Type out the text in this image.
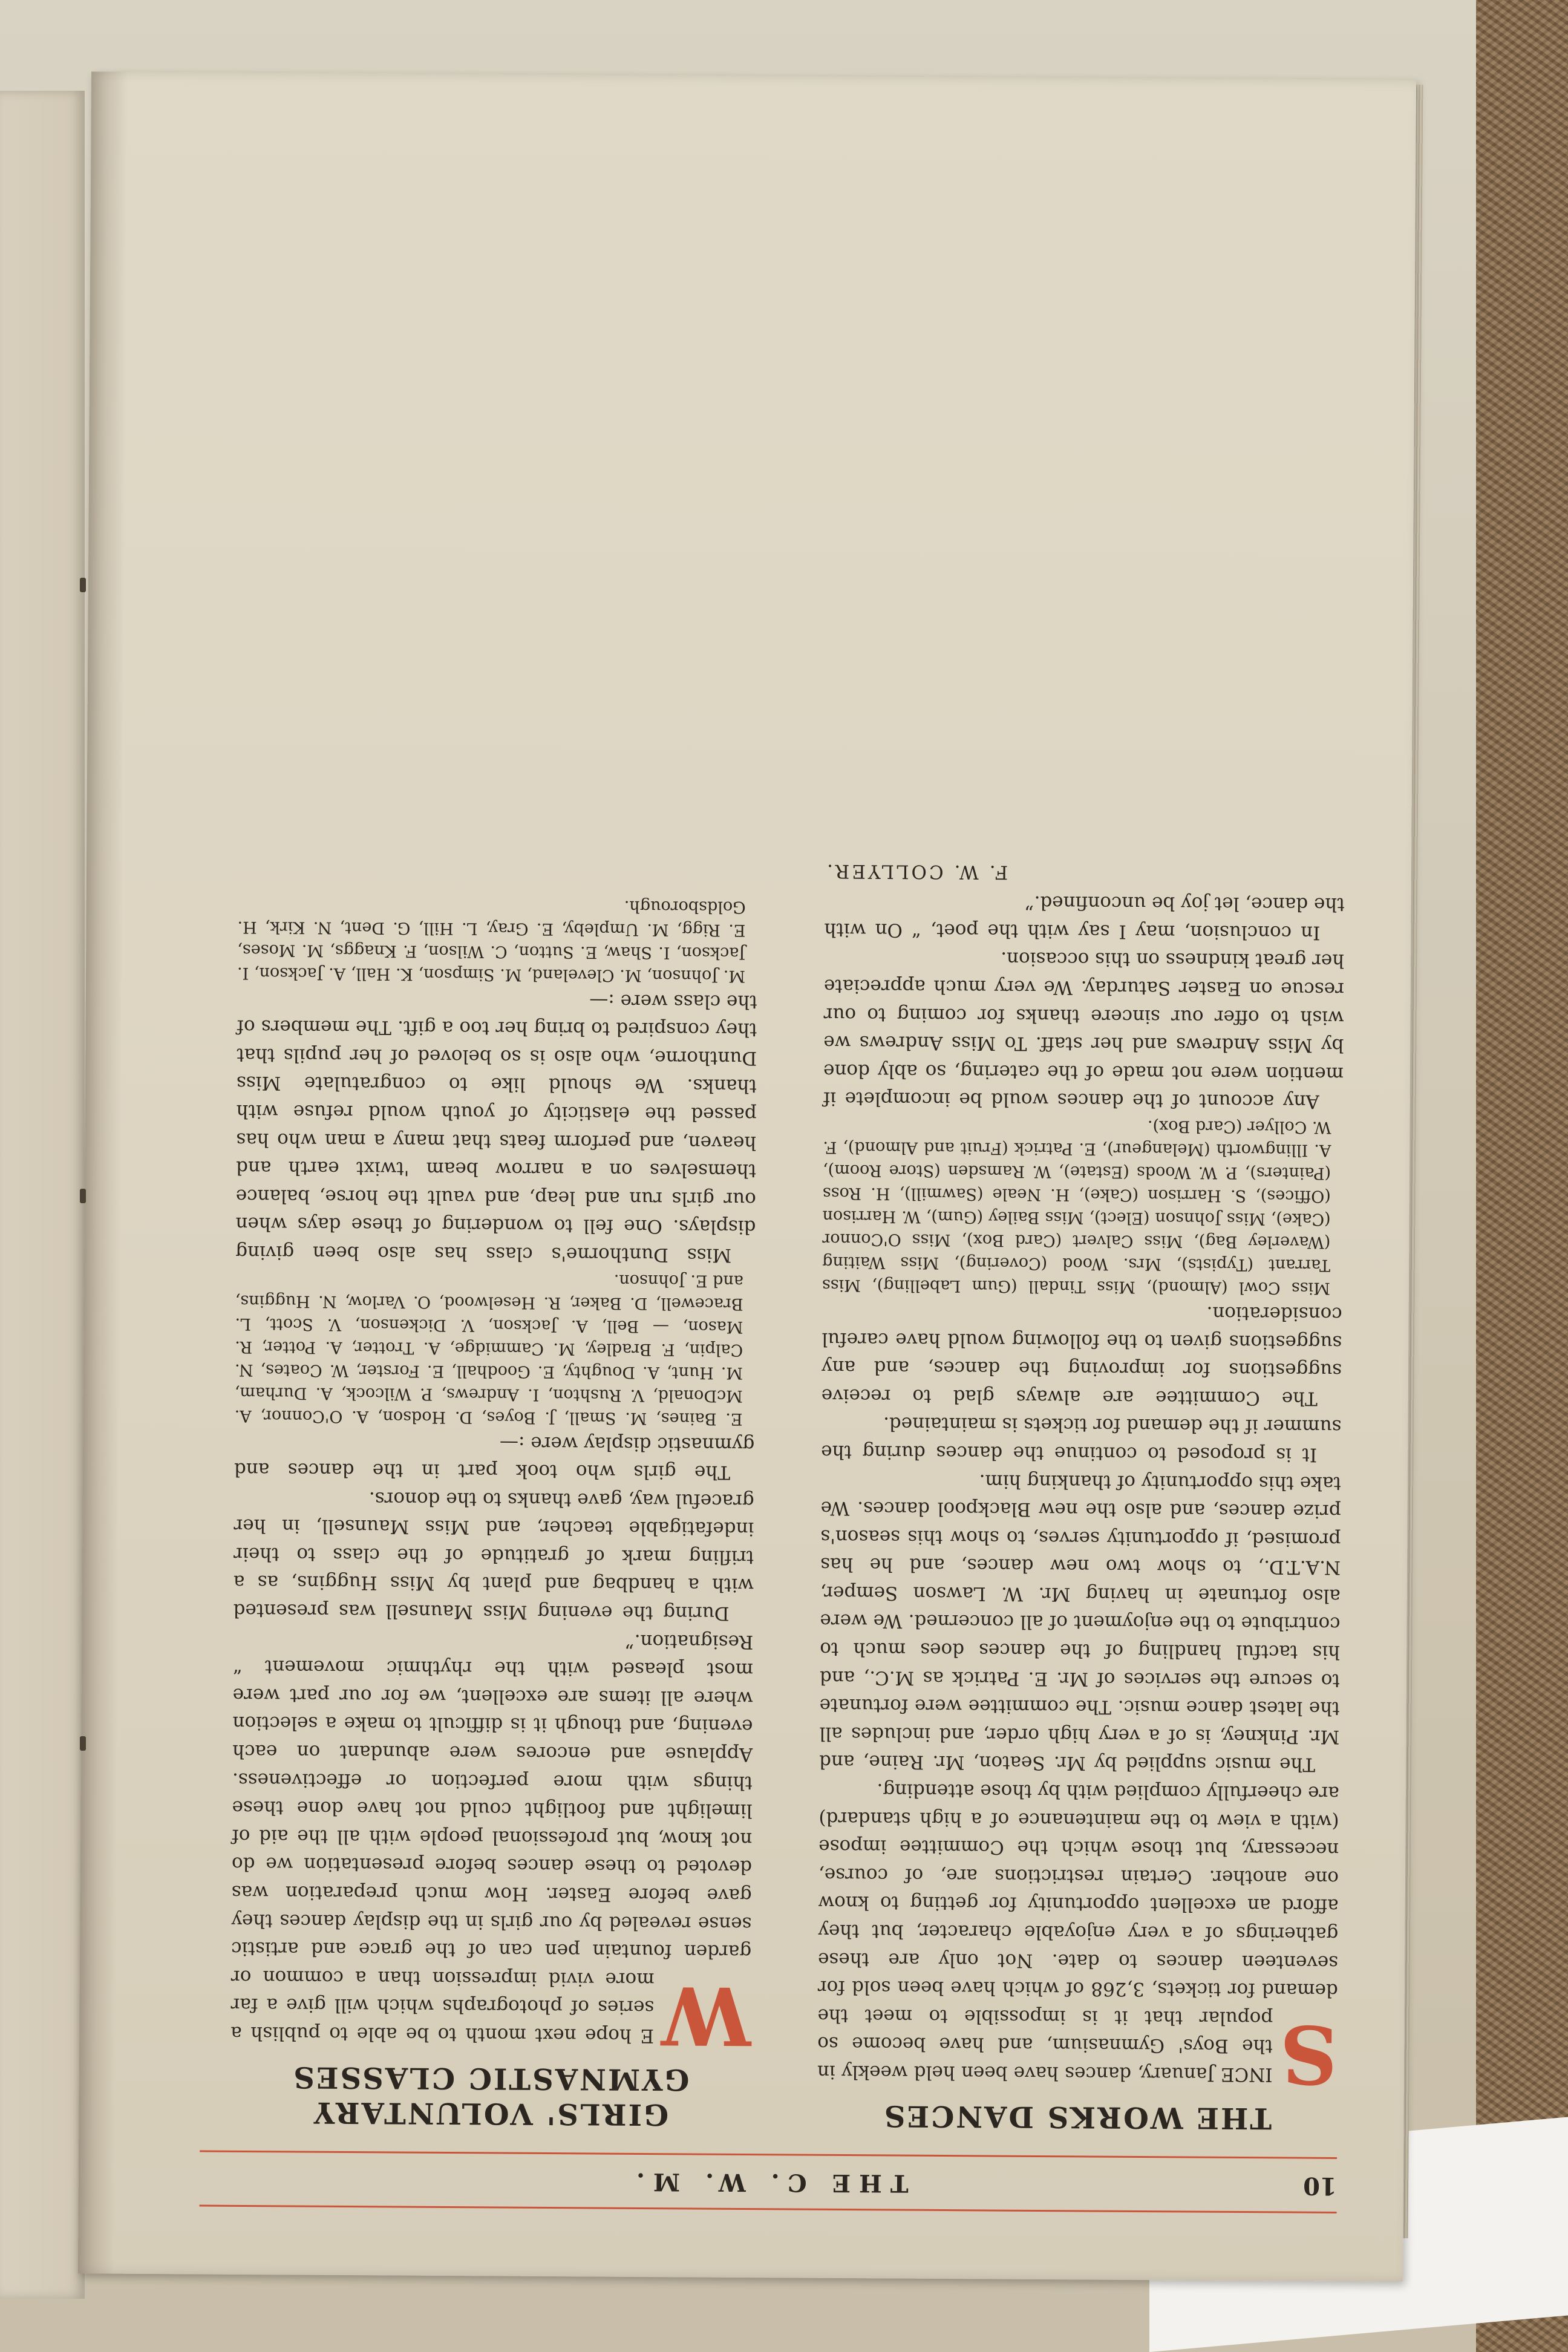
10
THE C. W. M.
THE WORKS DANCES

S
INCE January, dances have been held weekly in the Boys' Gymnasium, and have become so popular that it is impossible to meet the demand for tickets, 3,268 of which have been sold for seventeen dances to date. Not only are these gatherings of a very enjoyable character, but they afford an excellent opportunity for getting to know one another. Certain restrictions are, of course, necessary, but those which the Committee impose (with a view to the maintenance of a high standard) are cheerfully complied with by those attending.

The music supplied by Mr. Seaton, Mr. Raine, and Mr. Pinkney, is of a very high order, and includes all the latest dance music. The committee were fortunate to secure the services of Mr. E. Patrick as M.C., and his tactful handling of the dances does much to contribute to the enjoyment of all concerned. We were also fortunate in having Mr. W. Lawson Semper, N.A.T.D., to show two new dances, and he has promised, if opportunity serves, to show this season's prize dances, and also the new Blackpool dances. We take this opportunity of thanking him.

It is proposed to continue the dances during the summer if the demand for tickets is maintained.

The Committee are always glad to receive suggestions for improving the dances, and any suggestions given to the following would have careful consideration.

Miss Cowl (Almond), Miss Tindall (Gum Labelling), Miss Tarrant (Typists), Mrs. Wood (Covering), Miss Waiting (Waverley Bag), Miss Calvert (Card Box), Miss O'Connor (Cake), Miss Johnson (Elect), Miss Bailey (Gum), W. Harrison (Offices), S. Harrison (Cake), H. Neale (Sawmill), H. Ross (Painters), P. W. Woods (Estate), W. Ramsden (Store Room), A. Illingworth (Melangeur), E. Patrick (Fruit and Almond), F. W. Collyer (Card Box).

Any account of the dances would be incomplete if mention were not made of the catering, so ably done by Miss Andrews and her staff. To Miss Andrews we wish to offer our sincere thanks for coming to our rescue on Easter Saturday. We very much appreciate her great kindness on this occasion.

In conclusion, may I say with the poet, “ On with the dance, let joy be unconfined.”

F. W. COLLYER.

GIRLS' VOLUNTARY
GYMNASTIC CLASSES

W
E hope next month to be able to publish a series of photographs which will give a far more vivid impression than a common or garden fountain pen can of the grace and artistic sense revealed by our girls in the display dances they gave before Easter. How much preparation was devoted to these dances before presentation we do not know, but professional people with all the aid of limelight and footlight could not have done these things with more perfection or effectiveness. Applause and encores were abundant on each evening, and though it is difficult to make a selection where all items are excellent, we for our part were most pleased with the rhythmic movement “ Resignation.”

During the evening Miss Maunsell was presented with a handbag and plant by Miss Huggins, as a trifling mark of gratitude of the class to their indefatigable teacher, and Miss Maunsell, in her graceful way, gave thanks to the donors.

The girls who took part in the dances and gymnastic display were :—

E. Baines, M. Small, J. Boyes, D. Hodson, A. O'Connor, A. McDonald, V. Rushton, I. Andrews, P. Wilcock, A. Durham, M. Hunt, A. Doughty, E. Goodhall, E. Forster, W. Coates, N. Calpin, F. Bradley, M. Cammidge, A. Trotter, A. Potter, R. Mason, — Bell, A. Jackson, V. Dickenson, V. Scott, L. Bracewell, D. Baker, R. Heselwood, O. Varlow, N. Huggins, and E. Johnson.

Miss Dunthorne's class has also been giving displays. One fell to wondering of these days when our girls run and leap, and vault the horse, balance themselves on a narrow beam 'twixt earth and heaven, and perform feats that many a man who has passed the elasticity of youth would refuse with thanks. We should like to congratulate Miss Dunthorne, who also is so beloved of her pupils that they conspired to bring her too a gift. The members of the class were :—

M. Johnson, M. Cleveland, M. Simpson, K. Hall, A. Jackson, I. Jackson, I. Shaw, E. Sutton, C. Wilson, F. Knaggs, M. Moses, E. Rigg, M. Umpleby, E. Gray, L. Hill, G. Dent, N. Kirk, H. Goldsborough.
